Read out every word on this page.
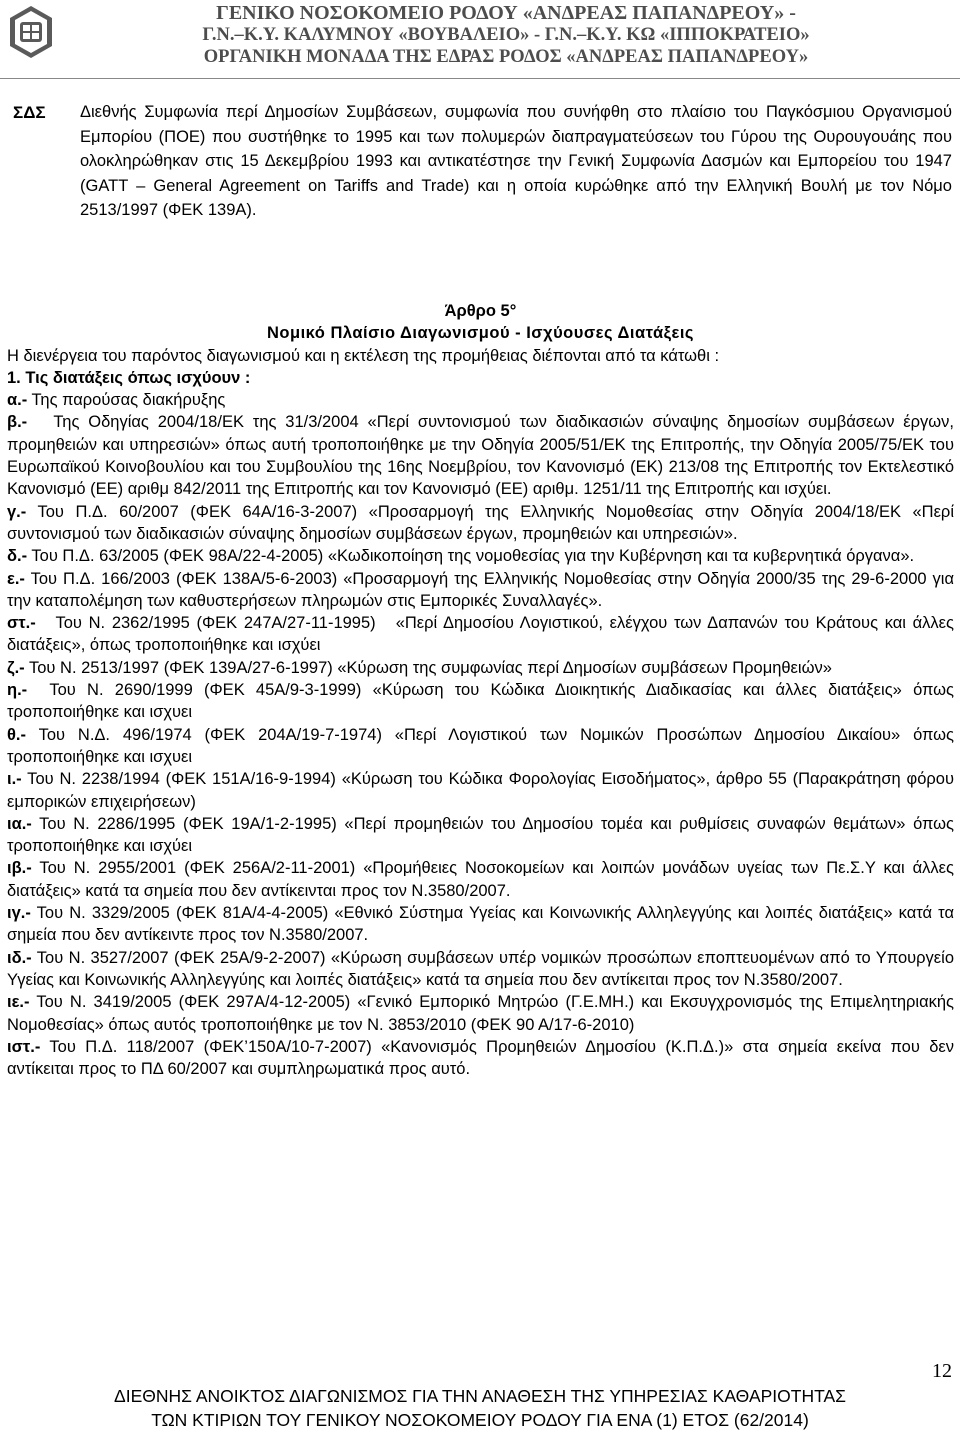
ΓΕΝΙΚΟ ΝΟΣΟΚΟΜΕΙΟ ΡΟΔΟΥ «ΑΝΔΡΕΑΣ ΠΑΠΑΝΔΡΕΟΥ» -
Γ.Ν.–Κ.Υ. ΚΑΛΥΜΝΟΥ «ΒΟΥΒΑΛΕΙΟ» - Γ.Ν.–Κ.Υ. ΚΩ «ΙΠΠΟΚΡΑΤΕΙΟ»
ΟΡΓΑΝΙΚΗ ΜΟΝΑΔΑ ΤΗΣ ΕΔΡΑΣ ΡΟΔΟΣ «ΑΝΔΡΕΑΣ ΠΑΠΑΝΔΡΕΟΥ»
ΣΔΣ Διεθνής Συμφωνία περί Δημοσίων Συμβάσεων, συμφωνία που συνήφθη στο πλαίσιο του Παγκόσμιου Οργανισμού Εμπορίου (ΠΟΕ) που συστήθηκε το 1995 και των πολυμερών διαπραγματεύσεων του Γύρου της Ουρουγουάης που ολοκληρώθηκαν στις 15 Δεκεμβρίου 1993 και αντικατέστησε την Γενική Συμφωνία Δασμών και Εμπορείου του 1947 (GATT – General Agreement on Tariffs and Trade) και η οποία κυρώθηκε από την Ελληνική Βουλή με τον Νόμο 2513/1997 (ΦΕΚ 139Α).

Άρθρο 5°

Νομικό Πλαίσιο Διαγωνισμού - Ισχύουσες Διατάξεις

Η διενέργεια του παρόντος διαγωνισμού και η εκτέλεση της προμήθειας διέπονται από τα κάτωθι :

1. Τις διατάξεις όπως ισχύουν :

α.- Της παρούσας διακήρυξης

β.-   Της Οδηγίας 2004/18/ΕΚ της 31/3/2004 «Περί συντονισμού των διαδικασιών σύναψης δημοσίων συμβάσεων έργων, προμηθειών και υπηρεσιών» όπως αυτή τροποποιήθηκε με την Οδηγία 2005/51/ΕΚ της Επιτροπής, την Οδηγία 2005/75/ΕΚ του Ευρωπαϊκού Κοινοβουλίου και του Συμβουλίου της 16ης Νοεμβρίου, τον Κανονισμό (ΕΚ) 213/08 της Επιτροπής τον Εκτελεστικό Κανονισμό (ΕΕ) αριθμ 842/2011 της Επιτροπής και τον Κανονισμό (ΕΕ) αριθμ. 1251/11 της Επιτροπής και ισχύει.

γ.- Του Π.Δ. 60/2007 (ΦΕΚ 64Α/16-3-2007) «Προσαρμογή της Ελληνικής Νομοθεσίας στην Οδηγία 2004/18/ΕΚ «Περί συντονισμού των διαδικασιών σύναψης δημοσίων συμβάσεων έργων, προμηθειών και υπηρεσιών».

δ.- Του Π.Δ. 63/2005 (ΦΕΚ 98Α/22-4-2005) «Κωδικοποίηση της νομοθεσίας για την Κυβέρνηση και τα κυβερνητικά όργανα».

ε.- Του Π.Δ. 166/2003 (ΦΕΚ 138Α/5-6-2003) «Προσαρμογή της Ελληνικής Νομοθεσίας στην Οδηγία 2000/35 της 29-6-2000 για την καταπολέμηση των καθυστερήσεων πληρωμών στις Εμπορικές Συναλλαγές».

στ.-   Του Ν. 2362/1995 (ΦΕΚ 247Α/27-11-1995)   «Περί Δημοσίου Λογιστικού, ελέγχου των Δαπανών του Κράτους και άλλες διατάξεις», όπως τροποποιήθηκε και ισχύει

ζ.- Του Ν. 2513/1997 (ΦΕΚ 139Α/27-6-1997) «Κύρωση της συμφωνίας περί Δημοσίων συμβάσεων Προμηθειών»

η.-  Του Ν. 2690/1999 (ΦΕΚ 45Α/9-3-1999) «Κύρωση του Κώδικα Διοικητικής Διαδικασίας και άλλες διατάξεις» όπως τροποποιήθηκε και ισχυει

θ.- Του Ν.Δ. 496/1974 (ΦΕΚ 204Α/19-7-1974) «Περί Λογιστικού των Νομικών Προσώπων Δημοσίου Δικαίου» όπως τροποποιήθηκε και ισχυει

ι.- Του Ν. 2238/1994 (ΦΕΚ 151Α/16-9-1994) «Κύρωση του Κώδικα Φορολογίας Εισοδήματος», άρθρο 55 (Παρακράτηση φόρου εμπορικών επιχειρήσεων)

ια.- Του Ν. 2286/1995 (ΦΕΚ 19Α/1-2-1995) «Περί προμηθειών του Δημοσίου τομέα και ρυθμίσεις συναφών θεμάτων» όπως τροποποιήθηκε και ισχύει

ιβ.- Του Ν. 2955/2001 (ΦΕΚ 256Α/2-11-2001) «Προμήθειες Νοσοκομείων και λοιπών μονάδων υγείας των Πε.Σ.Υ και άλλες διατάξεις» κατά τα σημεία που δεν αντίκεινται προς τον Ν.3580/2007.

ιγ.- Του Ν. 3329/2005 (ΦΕΚ 81Α/4-4-2005) «Εθνικό Σύστημα Υγείας και Κοινωνικής Αλληλεγγύης και λοιπές διατάξεις» κατά τα σημεία που δεν αντίκειντε προς τον Ν.3580/2007.

ιδ.- Του Ν. 3527/2007 (ΦΕΚ 25Α/9-2-2007) «Κύρωση συμβάσεων υπέρ νομικών προσώπων εποπτευομένων από το Υπουργείο Υγείας και Κοινωνικής Αλληλεγγύης και λοιπές διατάξεις» κατά τα σημεία που δεν αντίκειται προς τον Ν.3580/2007.

ιε.- Του Ν. 3419/2005 (ΦΕΚ 297Α/4-12-2005) «Γενικό Εμπορικό Μητρώο (Γ.Ε.ΜΗ.) και Εκσυγχρονισμός της Επιμελητηριακής Νομοθεσίας» όπως αυτός τροποποιήθηκε με τον Ν. 3853/2010 (ΦΕΚ 90 Α/17-6-2010)

ιστ.- Του Π.Δ. 118/2007 (ΦΕΚ’150Α/10-7-2007) «Κανονισμός Προμηθειών Δημοσίου (Κ.Π.Δ.)» στα σημεία εκείνα που δεν αντίκειται προς το ΠΔ 60/2007 και συμπληρωματικά προς αυτό.

12
ΔΙΕΘΝΗΣ ΑΝΟΙΚΤΟΣ ΔΙΑΓΩΝΙΣΜΟΣ ΓΙΑ ΤΗΝ ΑΝΑΘΕΣΗ ΤΗΣ ΥΠΗΡΕΣΙΑΣ ΚΑΘΑΡΙΟΤΗΤΑΣ
ΤΩΝ ΚΤΙΡΙΩΝ ΤΟΥ ΓΕΝΙΚΟΥ ΝΟΣΟΚΟΜΕΙΟΥ ΡΟΔΟΥ ΓΙΑ ΕΝΑ (1) ΕΤΟΣ (62/2014)
